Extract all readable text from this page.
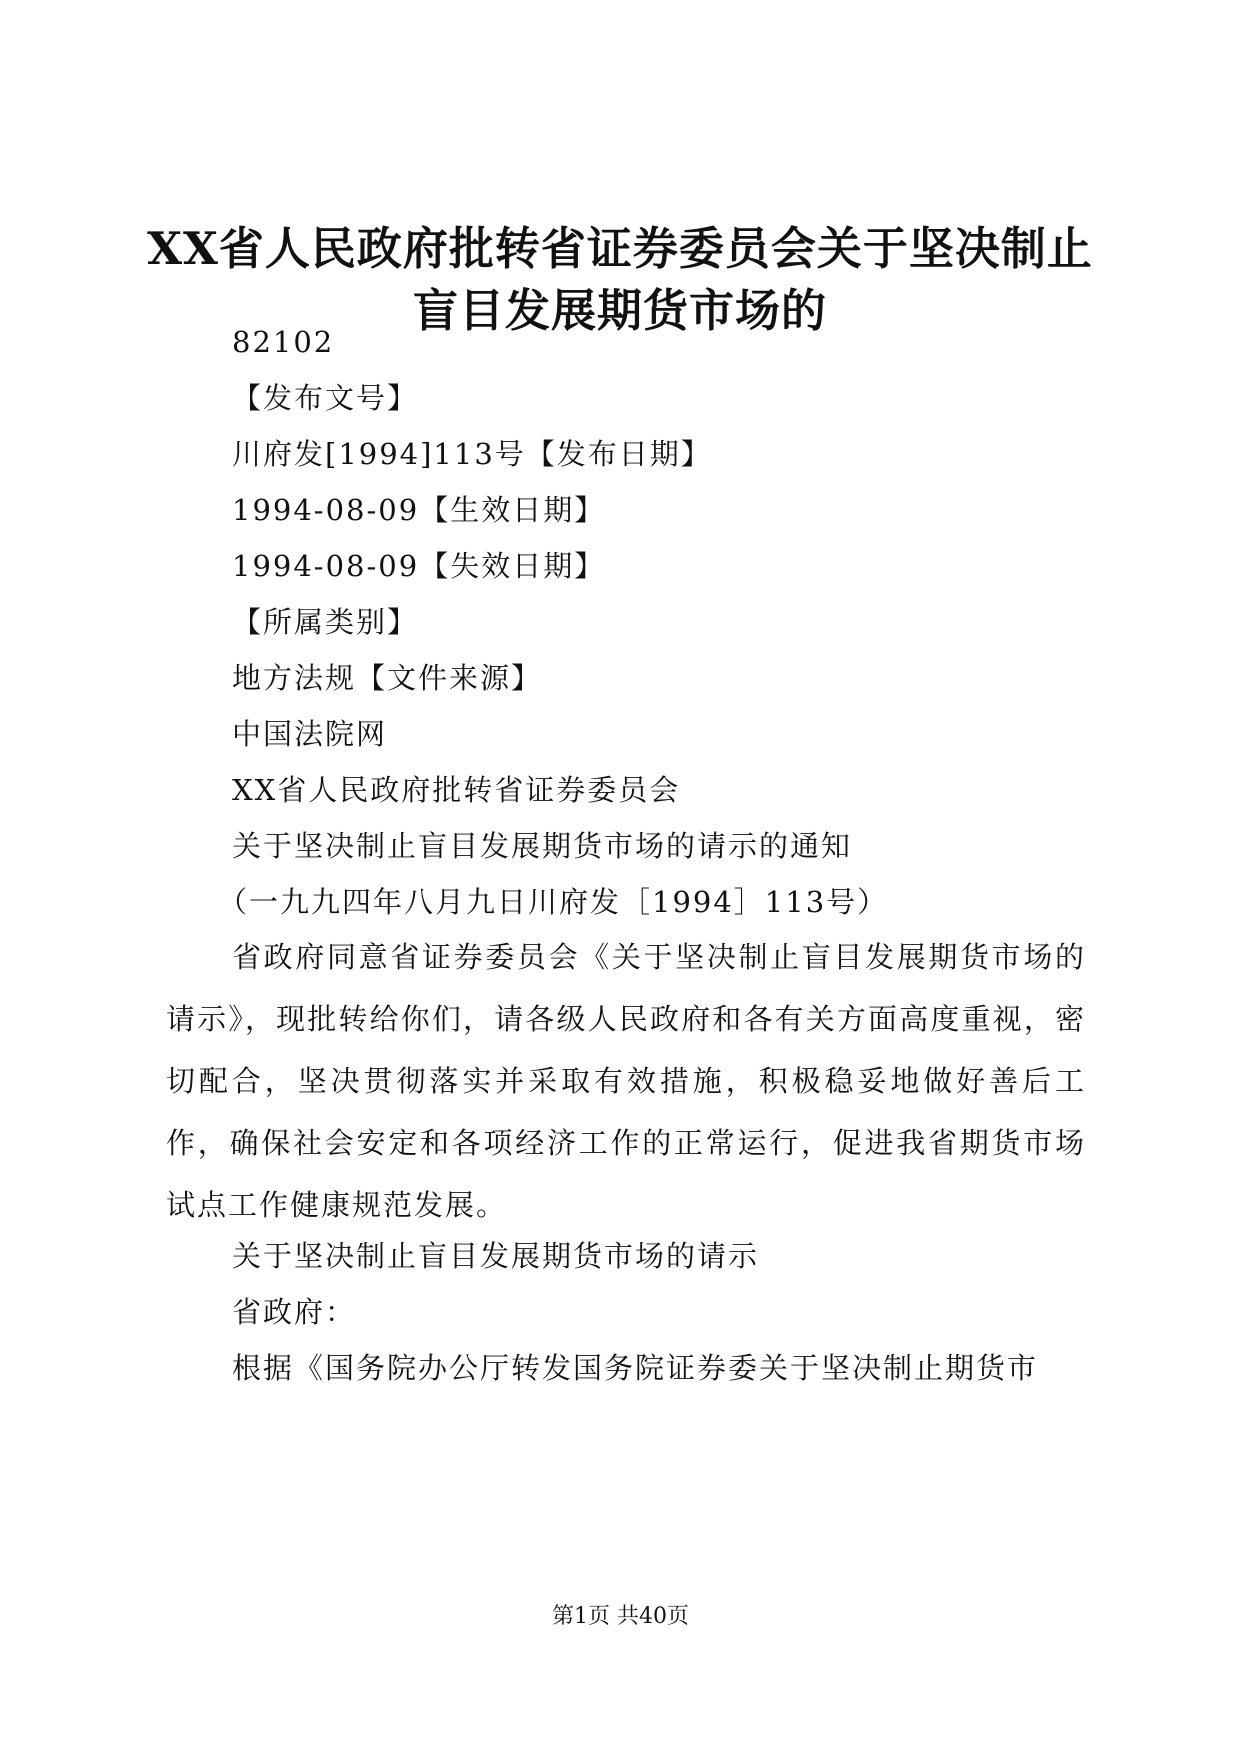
XX省人民政府批转省证券委员会关于坚决制止盲目发展期货市场的
82102
【发布文号】
川府发[1994]113号【发布日期】
1994-08-09【生效日期】
1994-08-09【失效日期】
【所属类别】
地方法规【文件来源】
中国法院网
XX省人民政府批转省证券委员会
关于坚决制止盲目发展期货市场的请示的通知
（一九九四年八月九日川府发［1994］113号）
省政府同意省证券委员会《关于坚决制止盲目发展期货市场的请示》，现批转给你们，请各级人民政府和各有关方面高度重视，密切配合，坚决贯彻落实并采取有效措施，积极稳妥地做好善后工作，确保社会安定和各项经济工作的正常运行，促进我省期货市场试点工作健康规范发展。
关于坚决制止盲目发展期货市场的请示
省政府：
根据《国务院办公厅转发国务院证券委关于坚决制止期货市
第1页 共40页
